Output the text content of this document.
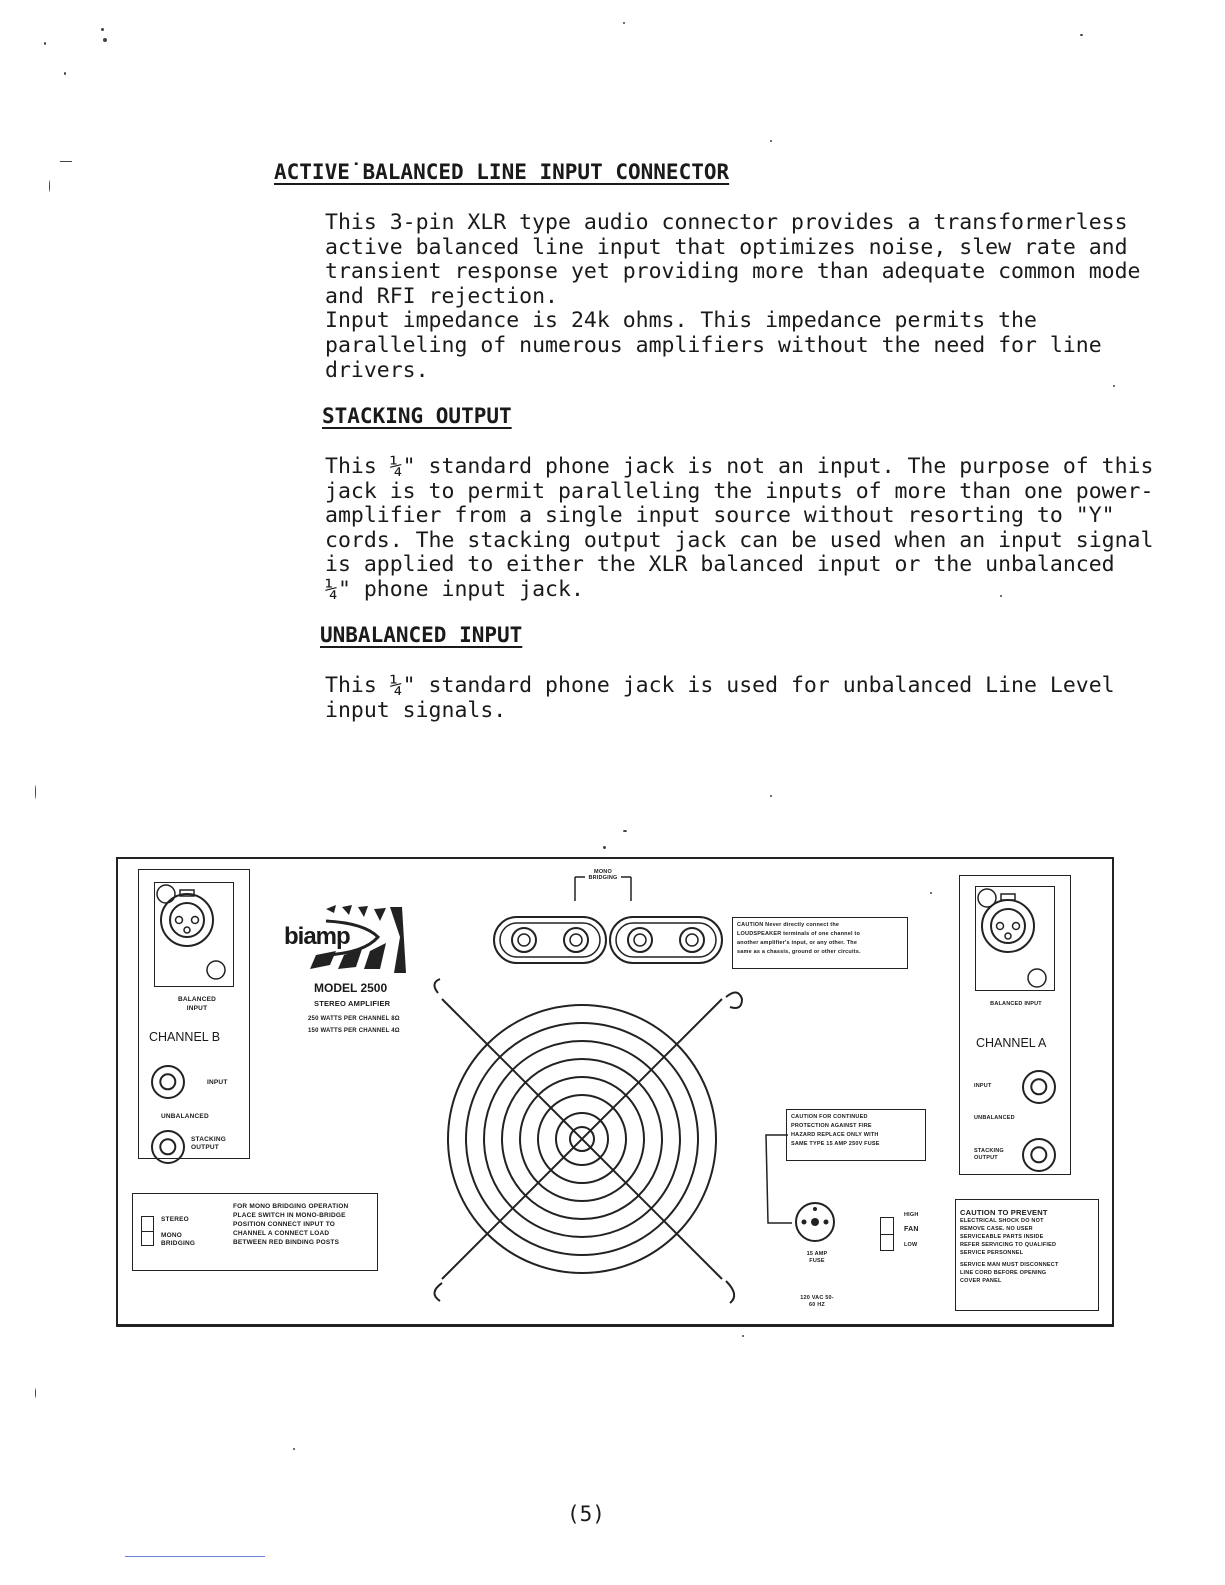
ACTIVE˙BALANCED LINE INPUT CONNECTOR
This 3-pin XLR type audio connector provides a transformerless
active balanced line input that optimizes noise, slew rate and
transient response yet providing more than adequate common mode
and RFI rejection.
Input impedance is 24k ohms. This impedance permits the
paralleling of numerous amplifiers without the need for line
drivers.
STACKING OUTPUT
This ¼" standard phone jack is not an input. The purpose of this
jack is to permit paralleling the inputs of more than one power-
amplifier from a single input source without resorting to "Y"
cords. The stacking output jack can be used when an input signal
is applied to either the XLR balanced input or the unbalanced
¼" phone input jack.
UNBALANCED INPUT
This ¼" standard phone jack is used for unbalanced Line Level
input signals.
BALANCED INPUT
CHANNEL B
INPUT
UNBALANCED
STACKING OUTPUT
STEREO
MONO BRIDGING
FOR MONO BRIDGING OPERATION
PLACE SWITCH IN MONO-BRIDGE
POSITION CONNECT INPUT TO
CHANNEL A CONNECT LOAD
BETWEEN RED BINDING POSTS
biamp
MODEL 2500
STEREO AMPLIFIER
250 WATTS PER CHANNEL 8Ω
150 WATTS PER CHANNEL 4Ω
MONO BRIDGING
CAUTION Never directly connect the
LOUDSPEAKER terminals of one channel to
another amplifier's input, or any other. The
same as a chassis, ground or other circuits.
CAUTION FOR CONTINUED
PROTECTION AGAINST FIRE
HAZARD REPLACE ONLY WITH
SAME TYPE 15 AMP 250V FUSE
15 AMP FUSE
120 VAC 50-60 HZ
HIGH
FAN
LOW
BALANCED INPUT
CHANNEL A
INPUT
UNBALANCED
STACKING OUTPUT
CAUTION TO PREVENT
ELECTRICAL SHOCK DO NOT
REMOVE CASE. NO USER
SERVICEABLE PARTS INSIDE
REFER SERVICING TO QUALIFIED
SERVICE PERSONNEL
SERVICE MAN MUST DISCONNECT
LINE CORD BEFORE OPENING
COVER PANEL
(5)
